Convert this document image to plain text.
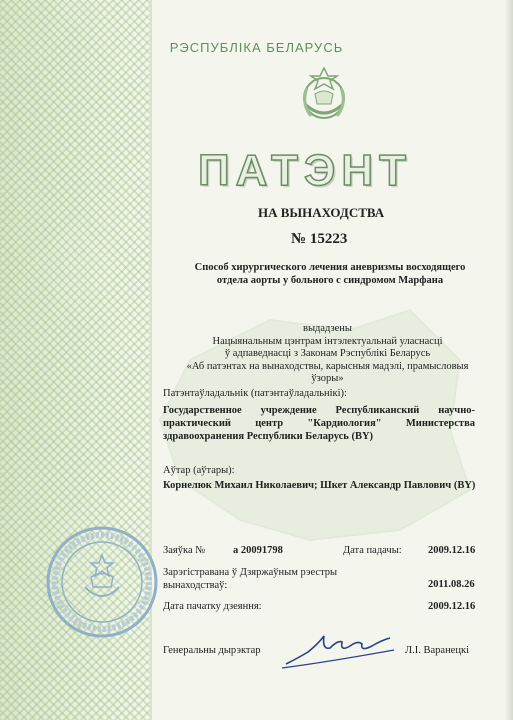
РЭСПУБЛІКА БЕЛАРУСЬ
ПАТЭНТ
НА ВЫНАХОДСТВА
№ 15223
Способ хирургического лечения аневризмы восходящего отдела аорты у больного с синдромом Марфана
выдадзены
Нацыянальным цэнтрам інтэлектуальнай уласнасці
ў адпаведнасці з Законам Рэспублікі Беларусь
«Аб патэнтах на вынаходствы, карысныя мадэлі, прамысловыя ўзоры»
Патэнтаўладальнік (патэнтаўладальнікі):
Государственное учреждение Республиканский научно-практический центр "Кардиология" Министерства здравоохранения Республики Беларусь (BY)
Аўтар (аўтары):
Корнелюк Михаил Николаевич; Шкет Александр Павлович (BY)
Заяўка №	a 20091798	Дата падачы:	2009.12.16
Зарэгістравана ў Дзяржаўным рэестры вынаходстваў:	2011.08.26
Дата пачатку дзеяння:	2009.12.16
Генеральны дырэктар	Л.І. Варанецкі
